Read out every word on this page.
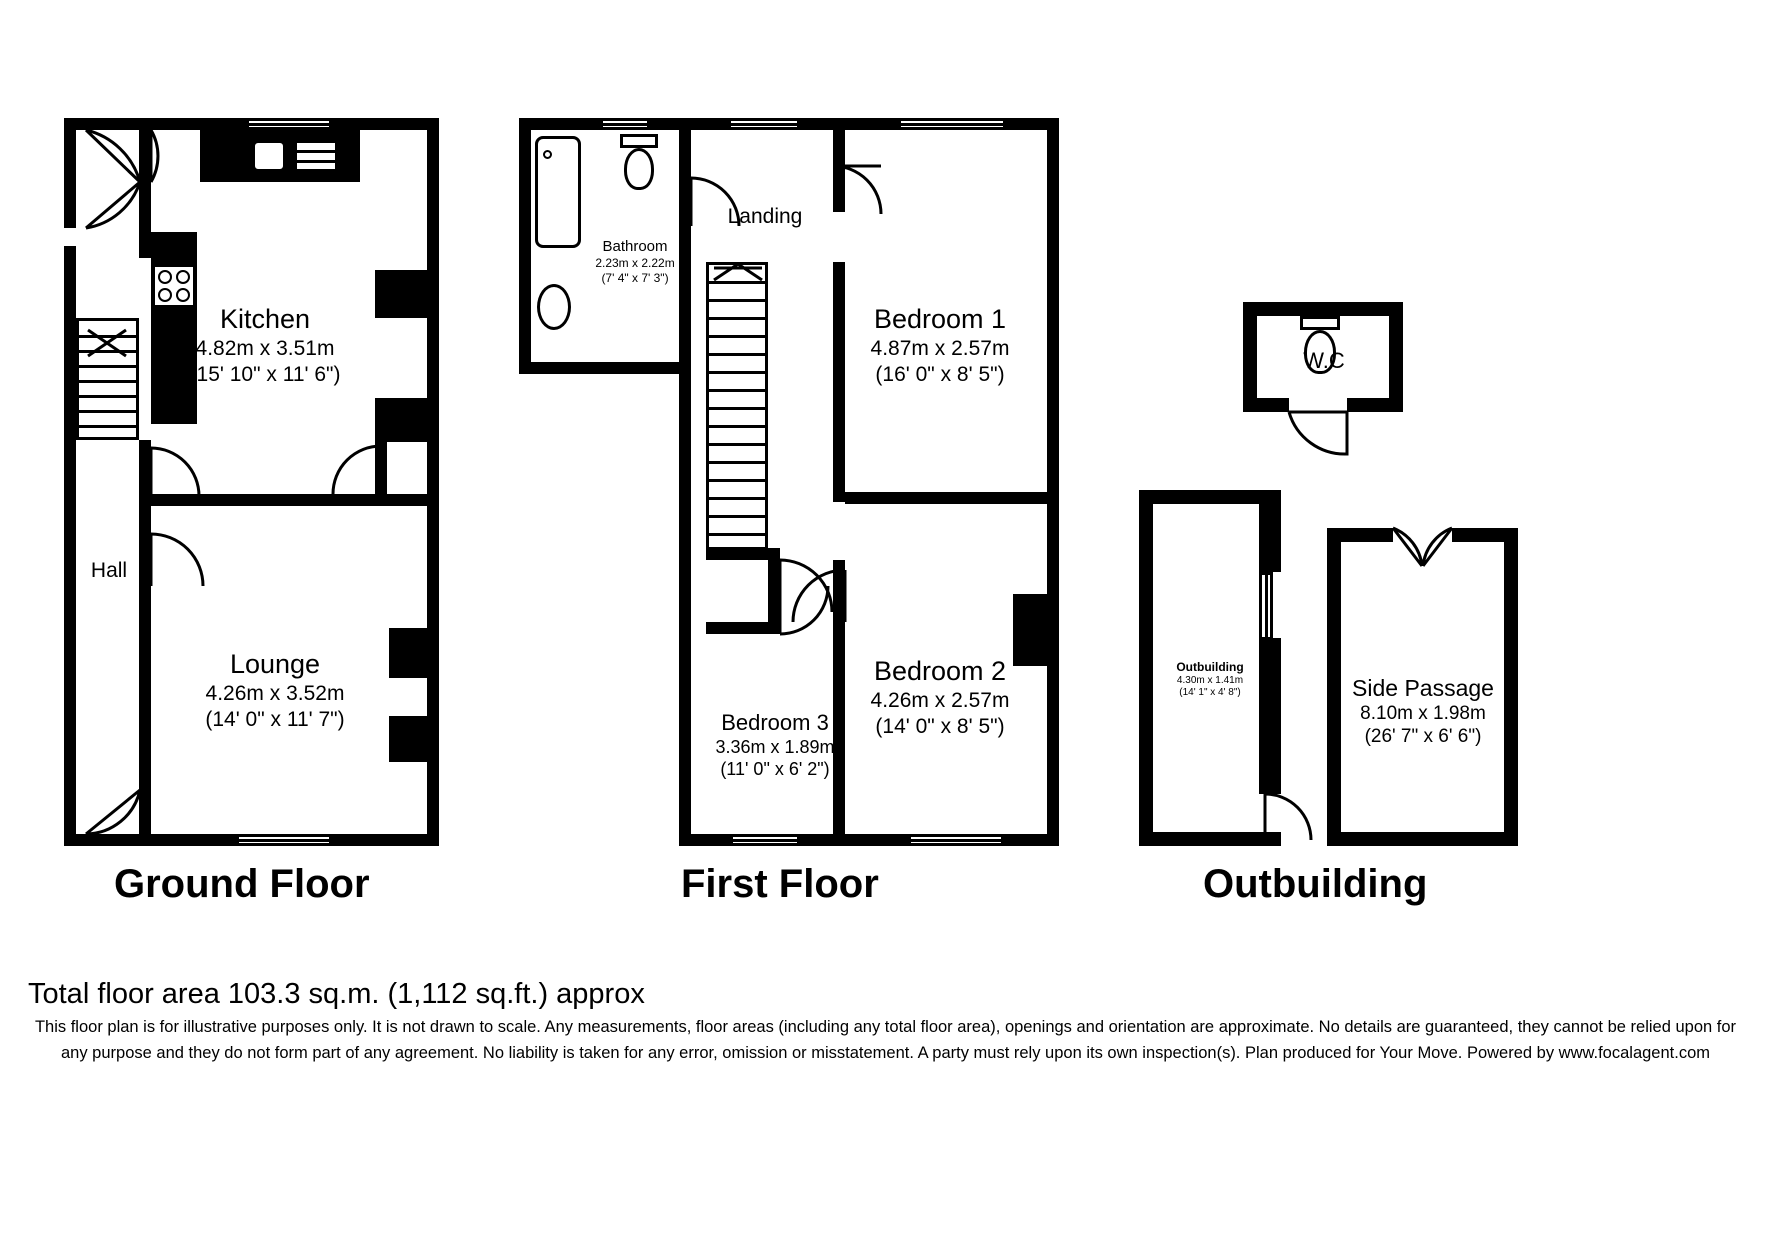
Kitchen
4.82m x 3.51m
(15' 10" x 11' 6")
Lounge
4.26m x 3.52m
(14' 0" x 11' 7")
Hall
Ground Floor
Bathroom
2.23m x 2.22m
(7' 4" x 7' 3")
Landing
Bedroom 1
4.87m x 2.57m
(16' 0" x 8' 5")
Bedroom 2
4.26m x 2.57m
(14' 0" x 8' 5")
Bedroom 3
3.36m x 1.89m
(11' 0" x 6' 2")
First Floor
W.C
Outbuilding
4.30m x 1.41m
(14' 1" x 4' 8")	Side Passage
8.10m x 1.98m
(26' 7" x 6' 6")
Outbuilding
Total floor area 103.3 sq.m. (1,112 sq.ft.) approx
This floor plan is for illustrative purposes only. It is not drawn to scale. Any measurements, floor areas (including any total floor area), openings and orientation are approximate. No details are guaranteed, they cannot be relied upon for any purpose and they do not form part of any agreement. No liability is taken for any error, omission or misstatement. A party must rely upon its own inspection(s). Plan produced for Your Move. Powered by www.focalagent.com
